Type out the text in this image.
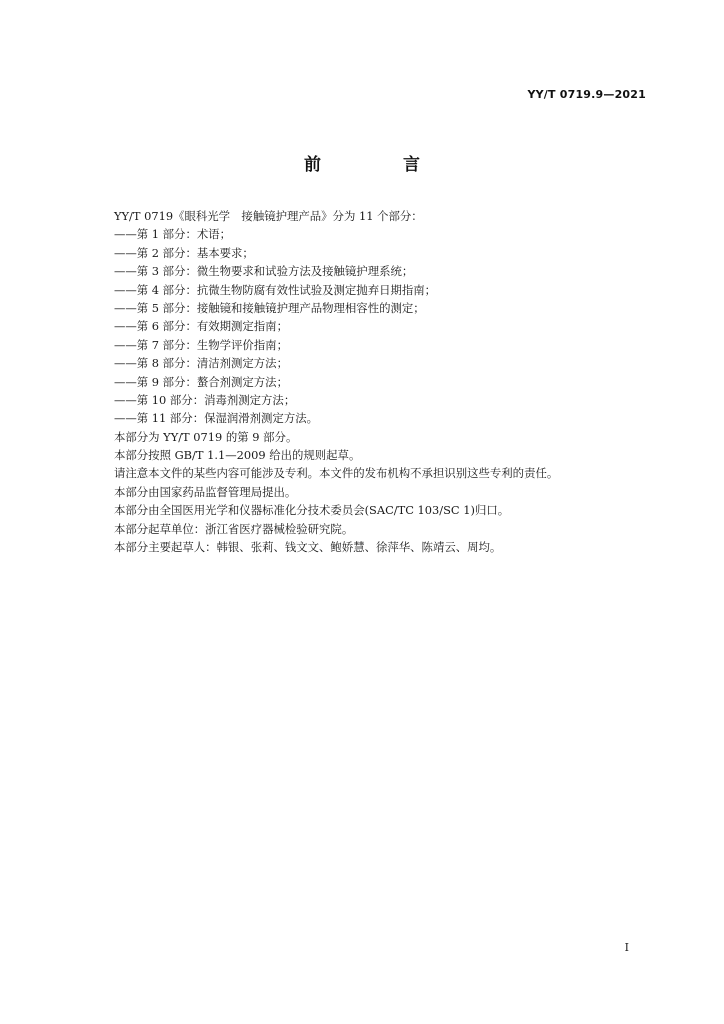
YY/T 0719.9—2021
前 言
YY/T 0719《眼科光学　接触镜护理产品》分为 11 个部分：
——第 1 部分：术语；
——第 2 部分：基本要求；
——第 3 部分：微生物要求和试验方法及接触镜护理系统；
——第 4 部分：抗微生物防腐有效性试验及测定抛弃日期指南；
——第 5 部分：接触镜和接触镜护理产品物理相容性的测定；
——第 6 部分：有效期测定指南；
——第 7 部分：生物学评价指南；
——第 8 部分：清洁剂测定方法；
——第 9 部分：螯合剂测定方法；
——第 10 部分：消毒剂测定方法；
——第 11 部分：保湿润滑剂测定方法。
本部分为 YY/T 0719 的第 9 部分。
本部分按照 GB/T 1.1—2009 给出的规则起草。
请注意本文件的某些内容可能涉及专利。本文件的发布机构不承担识别这些专利的责任。
本部分由国家药品监督管理局提出。
本部分由全国医用光学和仪器标准化分技术委员会(SAC/TC 103/SC 1)归口。
本部分起草单位：浙江省医疗器械检验研究院。
本部分主要起草人：韩银、张莉、钱文文、鲍娇慧、徐萍华、陈靖云、周均。
I
